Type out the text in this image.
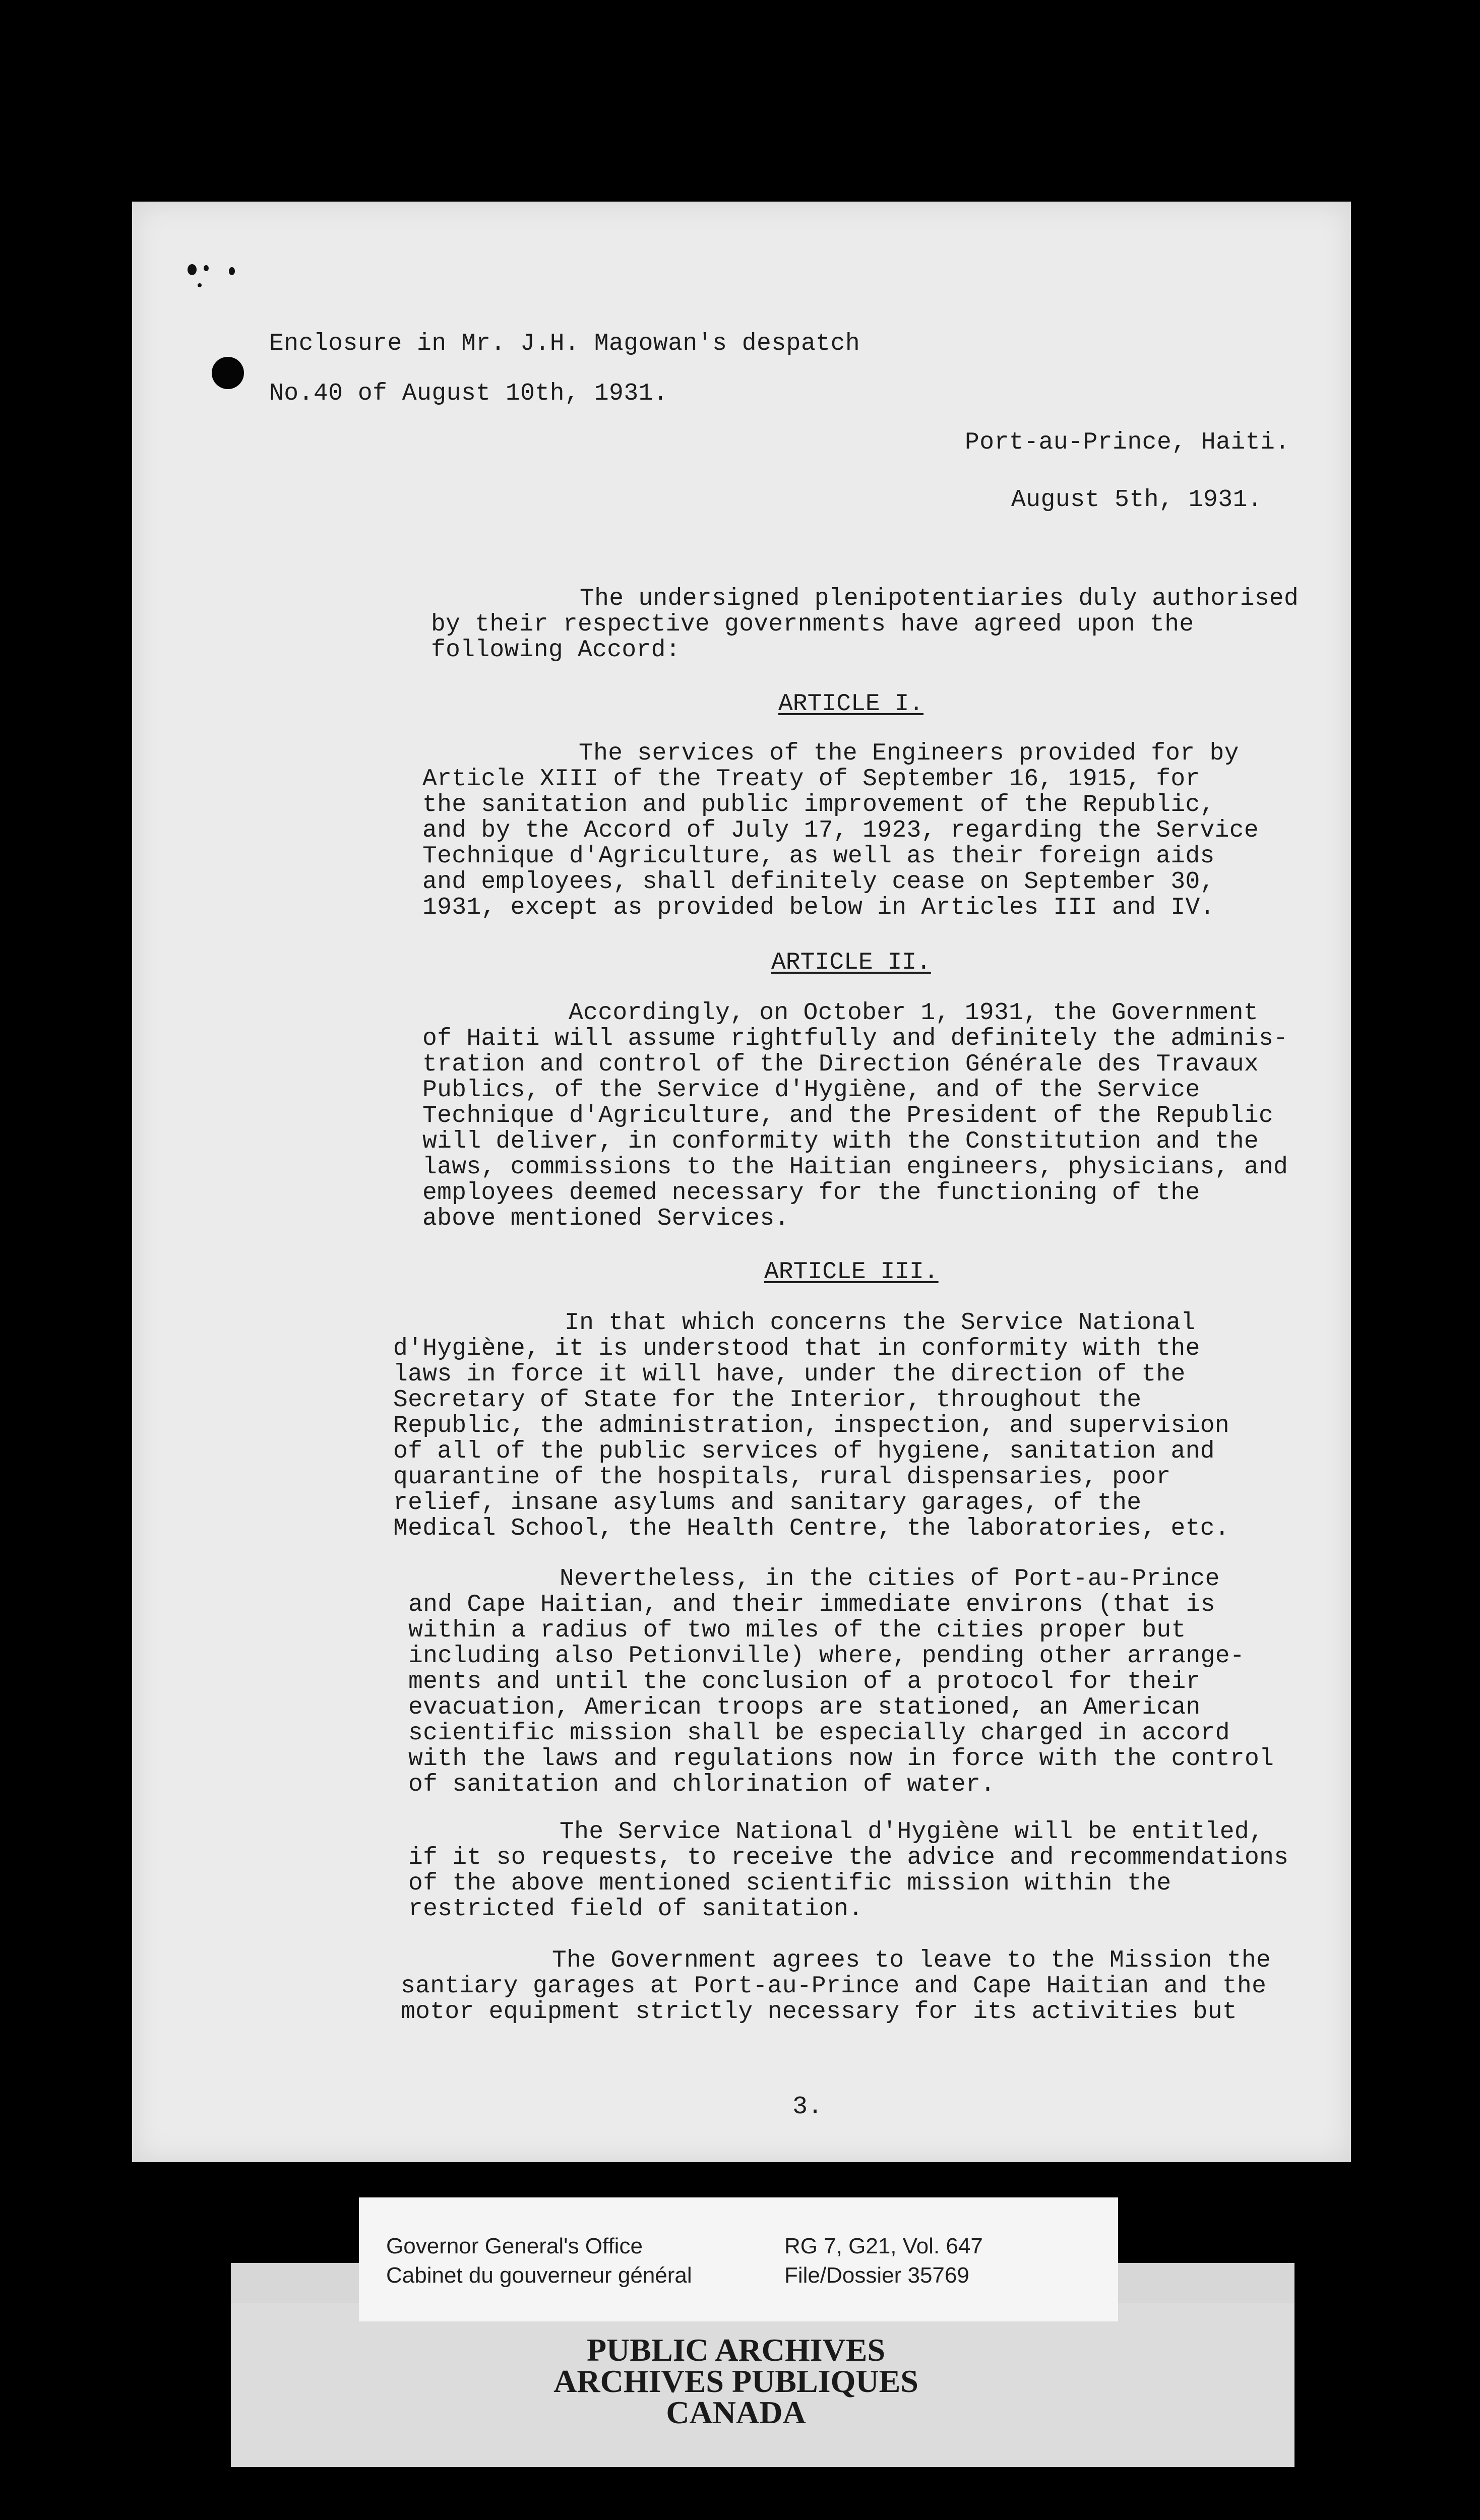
Enclosure in Mr. J.H. Magowan's despatch
No.40 of August 10th, 1931.
Port-au-Prince, Haiti.
August 5th, 1931.

The undersigned plenipotentiaries duly authorised

by their respective governments have agreed upon the

following Accord:

ARTICLE I.

The services of the Engineers provided for by

Article XIII of the Treaty of September 16, 1915, for

the sanitation and public improvement of the Republic,

and by the Accord of July 17, 1923, regarding the Service

Technique d'Agriculture, as well as their foreign aids

and employees, shall definitely cease on September 30,

1931, except as provided below in Articles III and IV.

ARTICLE II.

Accordingly, on October 1, 1931, the Government

of Haiti will assume rightfully and definitely the adminis-

tration and control of the Direction Générale des Travaux

Publics, of the Service d'Hygiène, and of the Service

Technique d'Agriculture, and the President of the Republic

will deliver, in conformity with the Constitution and the

laws, commissions to the Haitian engineers, physicians, and

employees deemed necessary for the functioning of the

above mentioned Services.

ARTICLE III.

In that which concerns the Service National

d'Hygiène, it is understood that in conformity with the

laws in force it will have, under the direction of the

Secretary of State for the Interior, throughout the

Republic, the administration, inspection, and supervision

of all of the public services of hygiene, sanitation and

quarantine of the hospitals, rural dispensaries, poor

relief, insane asylums and sanitary garages, of the

Medical School, the Health Centre, the laboratories, etc.

Nevertheless, in the cities of Port-au-Prince

and Cape Haitian, and their immediate environs (that is

within a radius of two miles of the cities proper but

including also Petionville) where, pending other arrange-

ments and until the conclusion of a protocol for their

evacuation, American troops are stationed, an American

scientific mission shall be especially charged in accord

with the laws and regulations now in force with the control

of sanitation and chlorination of water.

The Service National d'Hygiène will be entitled,

if it so requests, to receive the advice and recommendations

of the above mentioned scientific mission within the

restricted field of sanitation.

The Government agrees to leave to the Mission the

santiary garages at Port-au-Prince and Cape Haitian and the

motor equipment strictly necessary for its activities but

3.
Governor General's Office
Cabinet du gouverneur général
RG 7, G21, Vol. 647
File/Dossier 35769
PUBLIC ARCHIVES
ARCHIVES PUBLIQUES
CANADA
